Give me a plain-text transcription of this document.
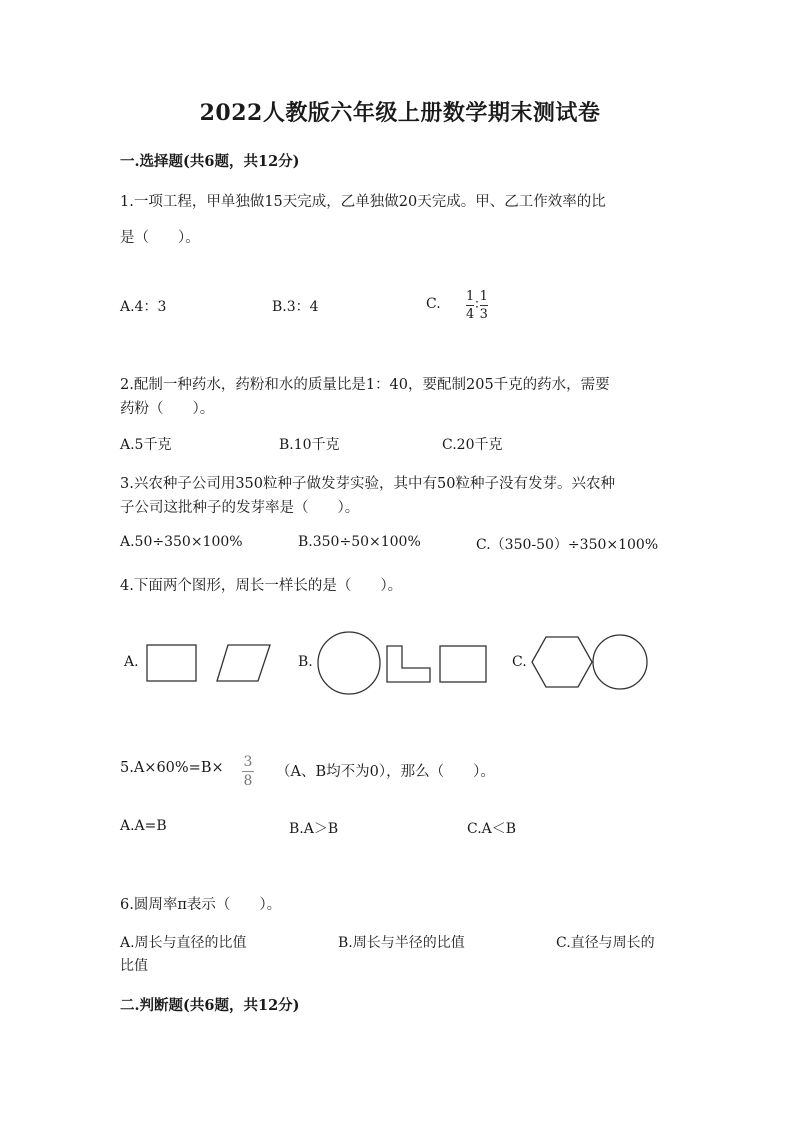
2022人教版六年级上册数学期末测试卷
一.选择题(共6题，共12分)
1.一项工程，甲单独做15天完成，乙单独做20天完成。甲、乙工作效率的比
是（　　）。
A.4：3	B.3：4	C. $\frac{1}{4}$ ∶ $\frac{1}{3}$
2.配制一种药水，药粉和水的质量比是1：40，要配制205千克的药水，需要
药粉（　　）。
A.5千克	B.10千克	C.20千克
3.兴农种子公司用350粒种子做发芽实验，其中有50粒种子没有发芽。兴农种
子公司这批种子的发芽率是（　　）。
A.50÷350×100%	B.350÷50×100%	C.（350-50）÷350×100%
4.下面两个图形，周长一样长的是（　　）。
A.	B.	C.
$5.A\times 60\%=B\times \frac{3}{8} (A$、B均不为0），那么（　　）。
A.A=B	B.A＞B	C.A＜B
6.圆周率π表示（　　）。
A.周长与直径的比值	B.周长与半径的比值	C.直径与周长的
比值
二.判断题(共6题，共12分)
